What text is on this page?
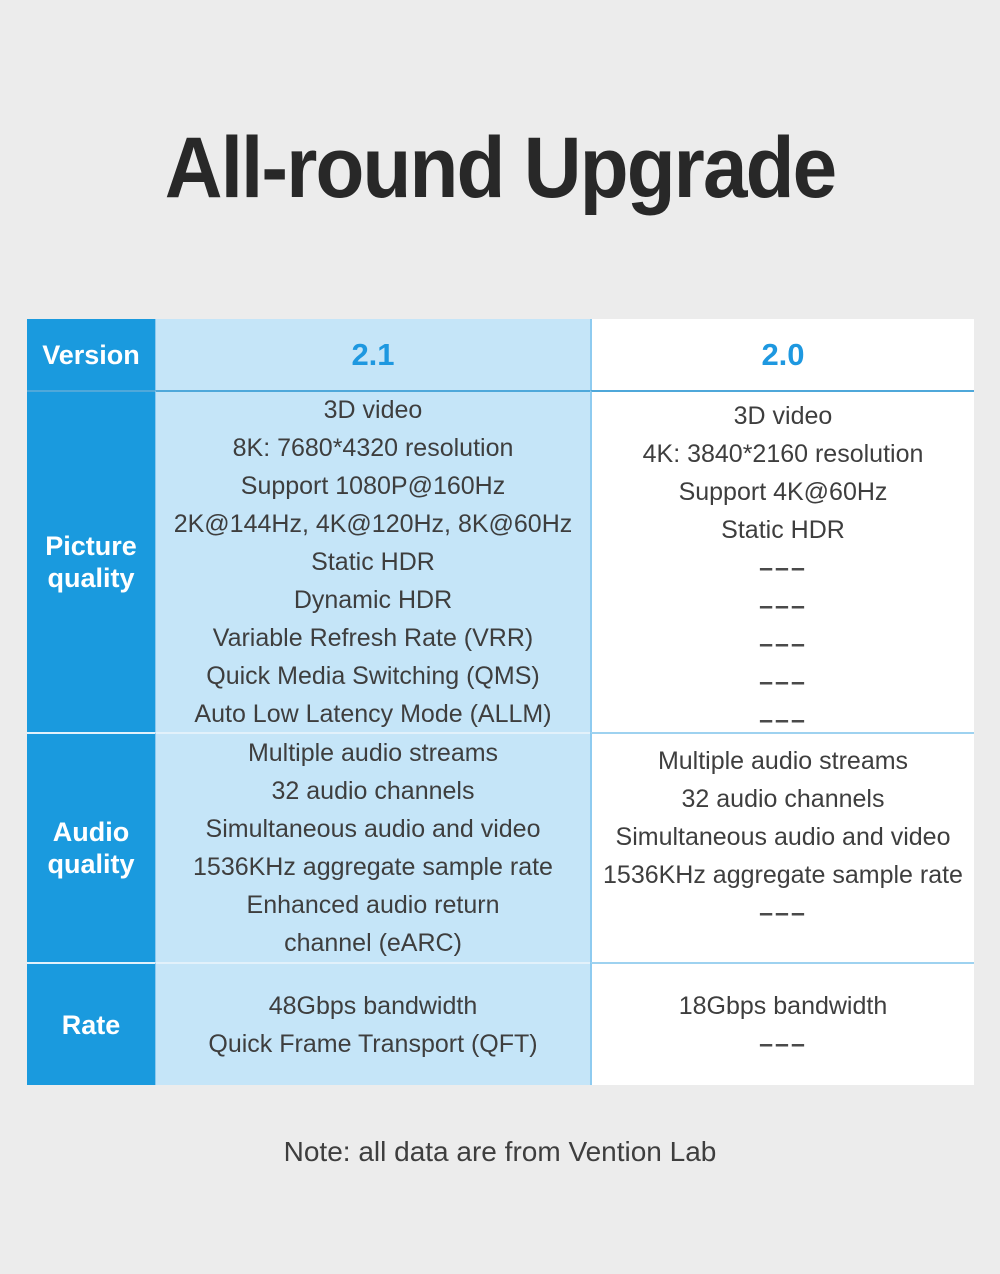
All-round Upgrade
Version	2.1	2.0
Picture quality
3D video
8K: 7680*4320 resolution
Support 1080P@160Hz
2K@144Hz, 4K@120Hz, 8K@60Hz
Static HDR
Dynamic HDR
Variable Refresh Rate (VRR)
Quick Media Switching (QMS)
Auto Low Latency Mode (ALLM)
3D video
4K: 3840*2160 resolution
Support 4K@60Hz
Static HDR
–––
–––
–––
–––
–––
Audio quality
Multiple audio streams
32 audio channels
Simultaneous audio and video
1536KHz aggregate sample rate
Enhanced audio return
channel (eARC)
Multiple audio streams
32 audio channels
Simultaneous audio and video
1536KHz aggregate sample rate
–––
Rate
48Gbps bandwidth
Quick Frame Transport (QFT)
18Gbps bandwidth
–––
Note: all data are from Vention Lab
